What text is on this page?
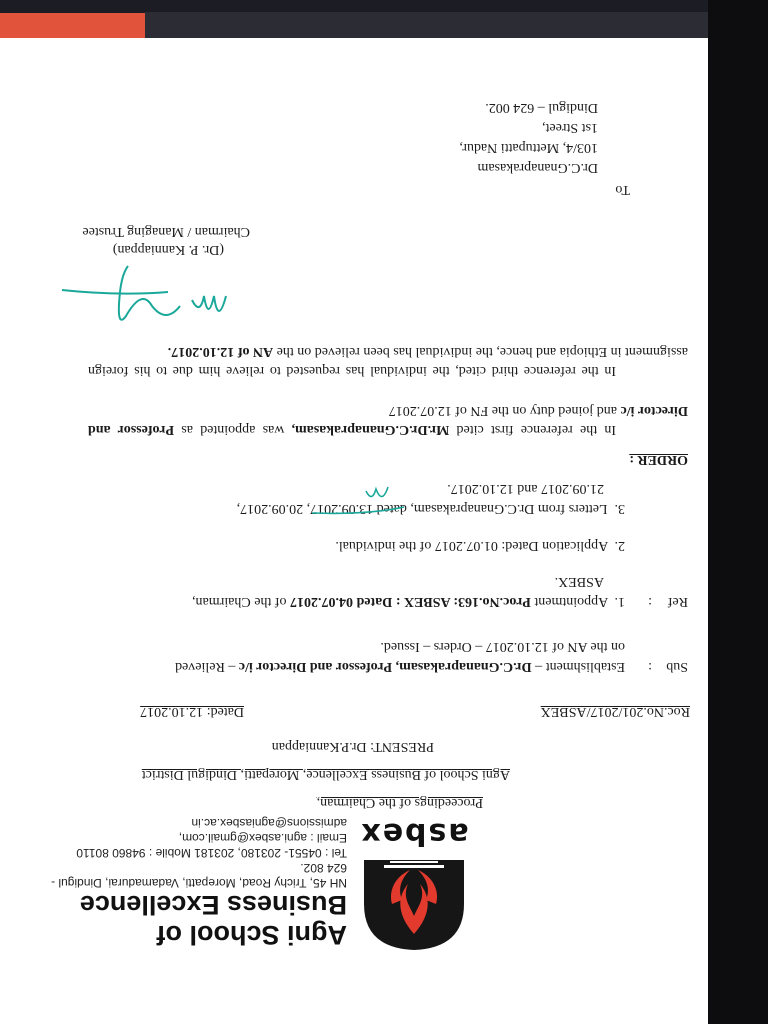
asbex
Agni School of
Business Excellence
NH 45, Trichy Road, Morepatti, Vadamadurai, Dindigul - 624 802.
Tel : 04551- 203180, 203181 Mobile : 94860 80110
Email : agni.asbex@gmail.com, admissions@agniasbex.ac.in
Proceedings of the Chairman,
Agni School of Business Excellence, Morepatti, Dindigul District
PRESENT: Dr.P.Kanniappan
Roc.No.201/2017/ASBEX
Dated: 12.10.2017
Sub
:
Establishment – Dr.C.Gnanaprakasam, Professor and Director i/c – Relieved
on the AN of 12.10.2017 – Orders – Issued.
Ref
:
1.  Appointment Proc.No.163: ASBEX : Dated 04.07.2017 of the Chairman,
ASBEX.
2.  Application Dated: 01.07.2017 of the individual.
3.  Letters from Dr.C.Gnanaprakasam, dated 13.09.2017, 20.09.2017,
21.09.2017 and 12.10.2017.
ORDER :
In the reference first cited Mr.Dr.C.Gnanaprakasam, was appointed as Professor and Director i/c and joined duty on the FN of 12.07.2017
In the reference third cited, the individual has requested to relieve him due to his foreign assignment in Ethiopia and hence, the individual has been relieved on the AN of 12.10.2017.
(Dr. P. Kanniappan)
Chairman / Managing Trustee
To
Dr.C.Gnanaprakasam
103/4, Mettupatti Nadur,
1st Street,
Dindigul – 624 002.
